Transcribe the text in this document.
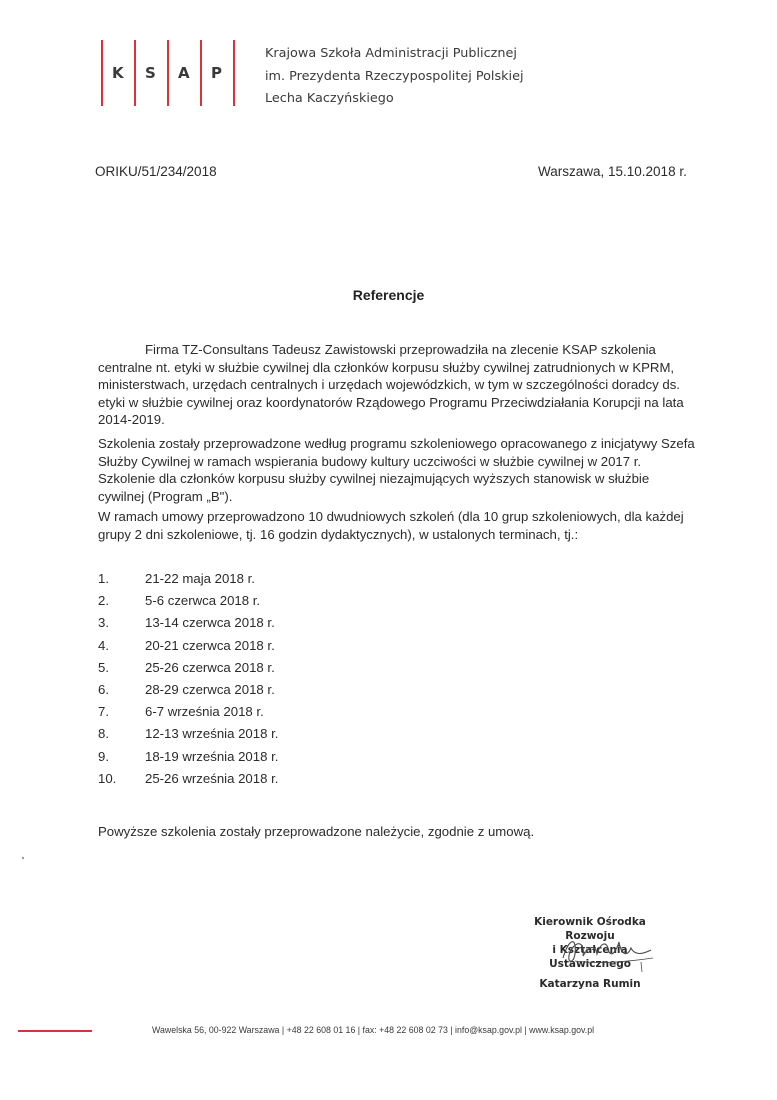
K S A P
Krajowa Szkoła Administracji Publicznej
im. Prezydenta Rzeczypospolitej Polskiej
Lecha Kaczyńskiego
ORIKU/51/234/2018	Warszawa, 15.10.2018 r.
Referencje
Firma TZ-Consultans Tadeusz Zawistowski przeprowadziła na zlecenie KSAP szkolenia
centralne nt. etyki w służbie cywilnej dla członków korpusu służby cywilnej zatrudnionych w KPRM,
ministerstwach, urzędach centralnych i urzędach wojewódzkich, w tym w szczególności doradcy ds.
etyki w służbie cywilnej oraz koordynatorów Rządowego Programu Przeciwdziałania Korupcji na lata
2014-2019.
Szkolenia zostały przeprowadzone według programu szkoleniowego opracowanego z inicjatywy Szefa
Służby Cywilnej w ramach wspierania budowy kultury uczciwości w służbie cywilnej w 2017 r.
Szkolenie dla członków korpusu służby cywilnej niezajmujących wyższych stanowisk w służbie
cywilnej (Program „B").
W ramach umowy przeprowadzono 10 dwudniowych szkoleń (dla 10 grup szkoleniowych, dla każdej
grupy 2 dni szkoleniowe, tj. 16 godzin dydaktycznych), w ustalonych terminach, tj.:
1.	21-22 maja 2018 r.
2.	5-6 czerwca 2018 r.
3.	13-14 czerwca 2018 r.
4.	20-21 czerwca 2018 r.
5.	25-26 czerwca 2018 r.
6.	28-29 czerwca 2018 r.
7.	6-7 września 2018 r.
8.	12-13 września 2018 r.
9.	18-19 września 2018 r.
10. 25-26 września 2018 r.
Powyższe szkolenia zostały przeprowadzone należycie, zgodnie z umową.
Kierownik Ośrodka Rozwoju
i Kształcenia Ustawicznego
Katarzyna Rumin
Wawelska 56, 00-922 Warszawa | +48 22 608 01 16 | fax: +48 22 608 02 73 | info@ksap.gov.pl | www.ksap.gov.pl
